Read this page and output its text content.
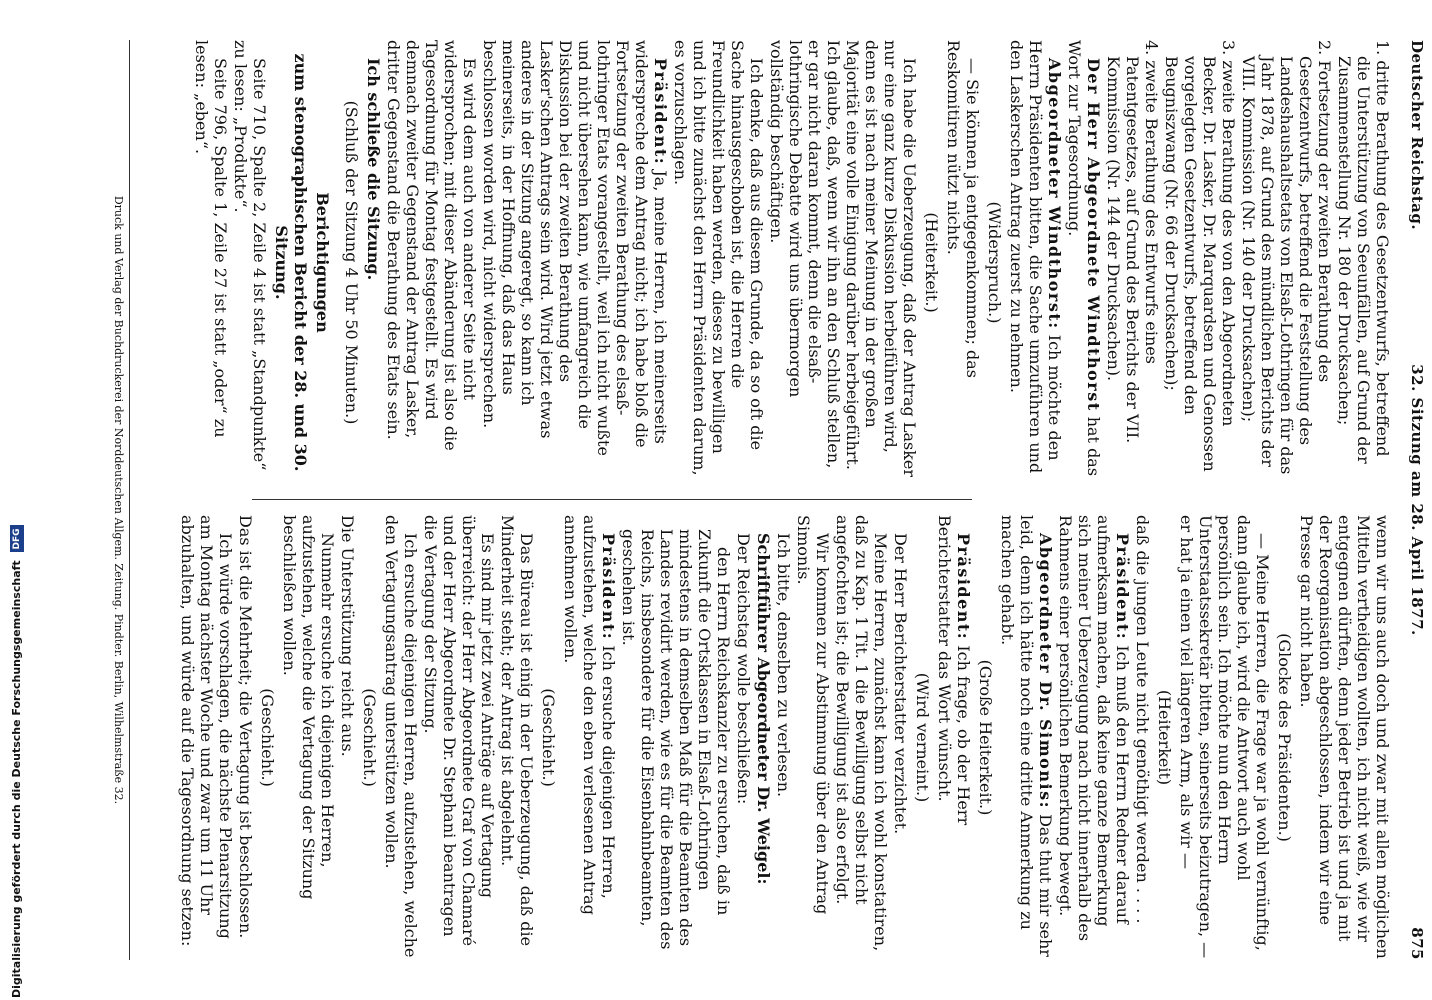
875
32. Sitzung am 28. April 1877.
Deutscher Reichstag.

1. dritte Berathung des Gesetzentwurfs, betreffend die Unterstützung von Seeunfällen, auf Grund der Zusammenstellung Nr. 180 der Drucksachen;

2. Fortsetzung der zweiten Berathung des Gesetzentwurfs, betreffend die Feststellung des Landeshaushaltsetats von Elsaß-Lothringen für das Jahr 1878, auf Grund des mündlichen Berichts der VIII. Kommission (Nr. 140 der Drucksachen);

3. zweite Berathung des von den Abgeordneten Becker, Dr. Lasker, Dr. Marquardsen und Genossen vorgelegten Gesetzentwurfs, betreffend den Beugniszwang (Nr. 66 der Drucksachen);

4. zweite Berathung des Entwurfs eines Patentgesetzes, auf Grund des Berichts der VII. Kommission (Nr. 144 der Drucksachen).

Der Herr Abgeordnete Windthorst hat das Wort zur Tagesordnung.

Abgeordneter Windthorst: Ich möchte den Herrn Präsidenten bitten, die Sache umzuführen und den Laskerschen Antrag zuerst zu nehmen.

(Widerspruch.)

— Sie können ja entgegenkommen; das Reskomitiren nützt nichts.

(Heiterkeit.)

Ich habe die Ueberzeugung, daß der Antrag Lasker nur eine ganz kurze Diskussion herbeiführen wird, denn es ist nach meiner Meinung in der großen Majorität eine volle Einigung darüber herbeigeführt. Ich glaube, daß, wenn wir ihn an den Schluß stellen, er gar nicht daran kommt, denn die elsaß-lothringische Debatte wird uns übermorgen vollständig beschäftigen.

Ich denke, daß aus diesem Grunde, da so oft die Sache hinausgeschoben ist, die Herren die Freundlichkeit haben werden, dieses zu bewilligen und ich bitte zunächst den Herrn Präsidenten darum, es vorzuschlagen.

Präsident: Ja, meine Herren, ich meinerseits widerspreche dem Antrag nicht; ich habe bloß die Fortsetzung der zweiten Berathung des elsaß-lothringer Etats vorangestellt, weil ich nicht wußte und nicht übersehen kann, wie umfangreich die Diskussion bei der zweiten Berathung des Lasker'schen Antrags sein wird. Wird jetzt etwas anderes in der Sitzung angeregt, so kann ich meinerseits, in der Hoffnung, daß das Haus beschlossen worden wird, nicht widersprechen.

Es wird dem auch von anderer Seite nicht widersprochen; mit dieser Abänderung ist also die Tagesordnung für Montag festgestellt. Es wird demnach zweiter Gegenstand der Antrag Lasker, dritter Gegenstand die Berathung des Etats sein.

Ich schließe die Sitzung.

(Schluß der Sitzung 4 Uhr 50 Minuten.)

Berichtigungen

zum stenographischen Bericht der 28. und 30. Sitzung.

Seite 710, Spalte 2, Zeile 4 ist statt „Standpunkte“ zu lesen: „Produkte“.

Seite 796, Spalte 1, Zeile 27 ist statt „oder“ zu lesen: „eben“.

wenn wir uns auch doch und zwar mit allen möglichen Mitteln vertheidigen wollten, ich nicht weiß, wie wir entgegnen dürften, denn jeder Betrieb ist und ja mit der Reorganisation abgeschlossen, indem wir eine Presse gar nicht haben.

(Glocke des Präsidenten.)

— Meine Herren, die Frage war ja wohl vernünftig, dann glaube ich, wird die Antwort auch wohl persönlich sein. Ich möchte nun den Herrn Unterstaatssekretär bitten, seinerseits beizutragen, — er hat ja einen viel längeren Arm, als wir —

(Heiterkeit)

daß die jungen Leute nicht genöthigt werden . . . .

Präsident: Ich muß den Herrn Redner darauf aufmerksam machen, daß keine ganze Bemerkung sich meiner Ueberzeugung nach nicht innerhalb des Rahmens einer persönlichen Bemerkung bewegt.

Abgeordneter Dr. Simonis: Das thut mir sehr leid, denn ich hätte noch eine dritte Anmerkung zu machen gehabt.

(Große Heiterkeit.)

Präsident: Ich frage, ob der Herr Berichterstatter das Wort wünscht.

(Wird verneint.)

Der Herr Berichterstatter verzichtet.

Meine Herren, zunächst kann ich wohl konstatiren, daß zu Kap. 1 Tit. 1 die Bewilligung selbst nicht angefochten ist; die Bewilligung ist also erfolgt.

Wir kommen zur Abstimmung über den Antrag Simonis.

Ich bitte, denselben zu verlesen.

Schriftführer Abgeordneter Dr. Weigel:

Der Reichstag wolle beschließen:

den Herrn Reichskanzler zu ersuchen, daß in Zukunft die Ortsklassen in Elsaß-Lothringen mindestens in demselben Maß für die Beamten des Landes revidirt werden, wie es für die Beamten des Reichs, insbesondere für die Eisenbahnbeamten, geschehen ist.

Präsident: Ich ersuche diejenigen Herren, aufzustehen, welche den eben verlesenen Antrag annehmen wollen.

(Geschieht.)

Das Büreau ist einig in der Ueberzeugung, daß die Minderheit steht; der Antrag ist abgelehnt.

Es sind mir jetzt zwei Anträge auf Vertagung überreicht: der Herr Abgeordnete Graf von Chamaré und der Herr Abgeordnete Dr. Stephani beantragen die Vertagung der Sitzung.

Ich ersuche diejenigen Herren, aufzustehen, welche den Vertagungsantrag unterstützen wollen.

(Geschieht.)

Die Unterstützung reicht aus.

Nunmehr ersuche ich diejenigen Herren, aufzustehen, welche die Vertagung der Sitzung beschließen wollen.

(Geschieht.)

Das ist die Mehrheit; die Vertagung ist beschlossen.

Ich würde vorschlagen, die nächste Plenarsitzung am Montag nächster Woche und zwar um 11 Uhr abzuhalten, und würde auf die Tagesordnung setzen:

Druck und Verlag der Buchdruckerei der Norddeutschen Allgem. Zeitung. Pindter. Berlin, Wilhelmstraße 32.
Digitalisierung gefördert durch die Deutsche Forschungsgemeinschaft DFG
